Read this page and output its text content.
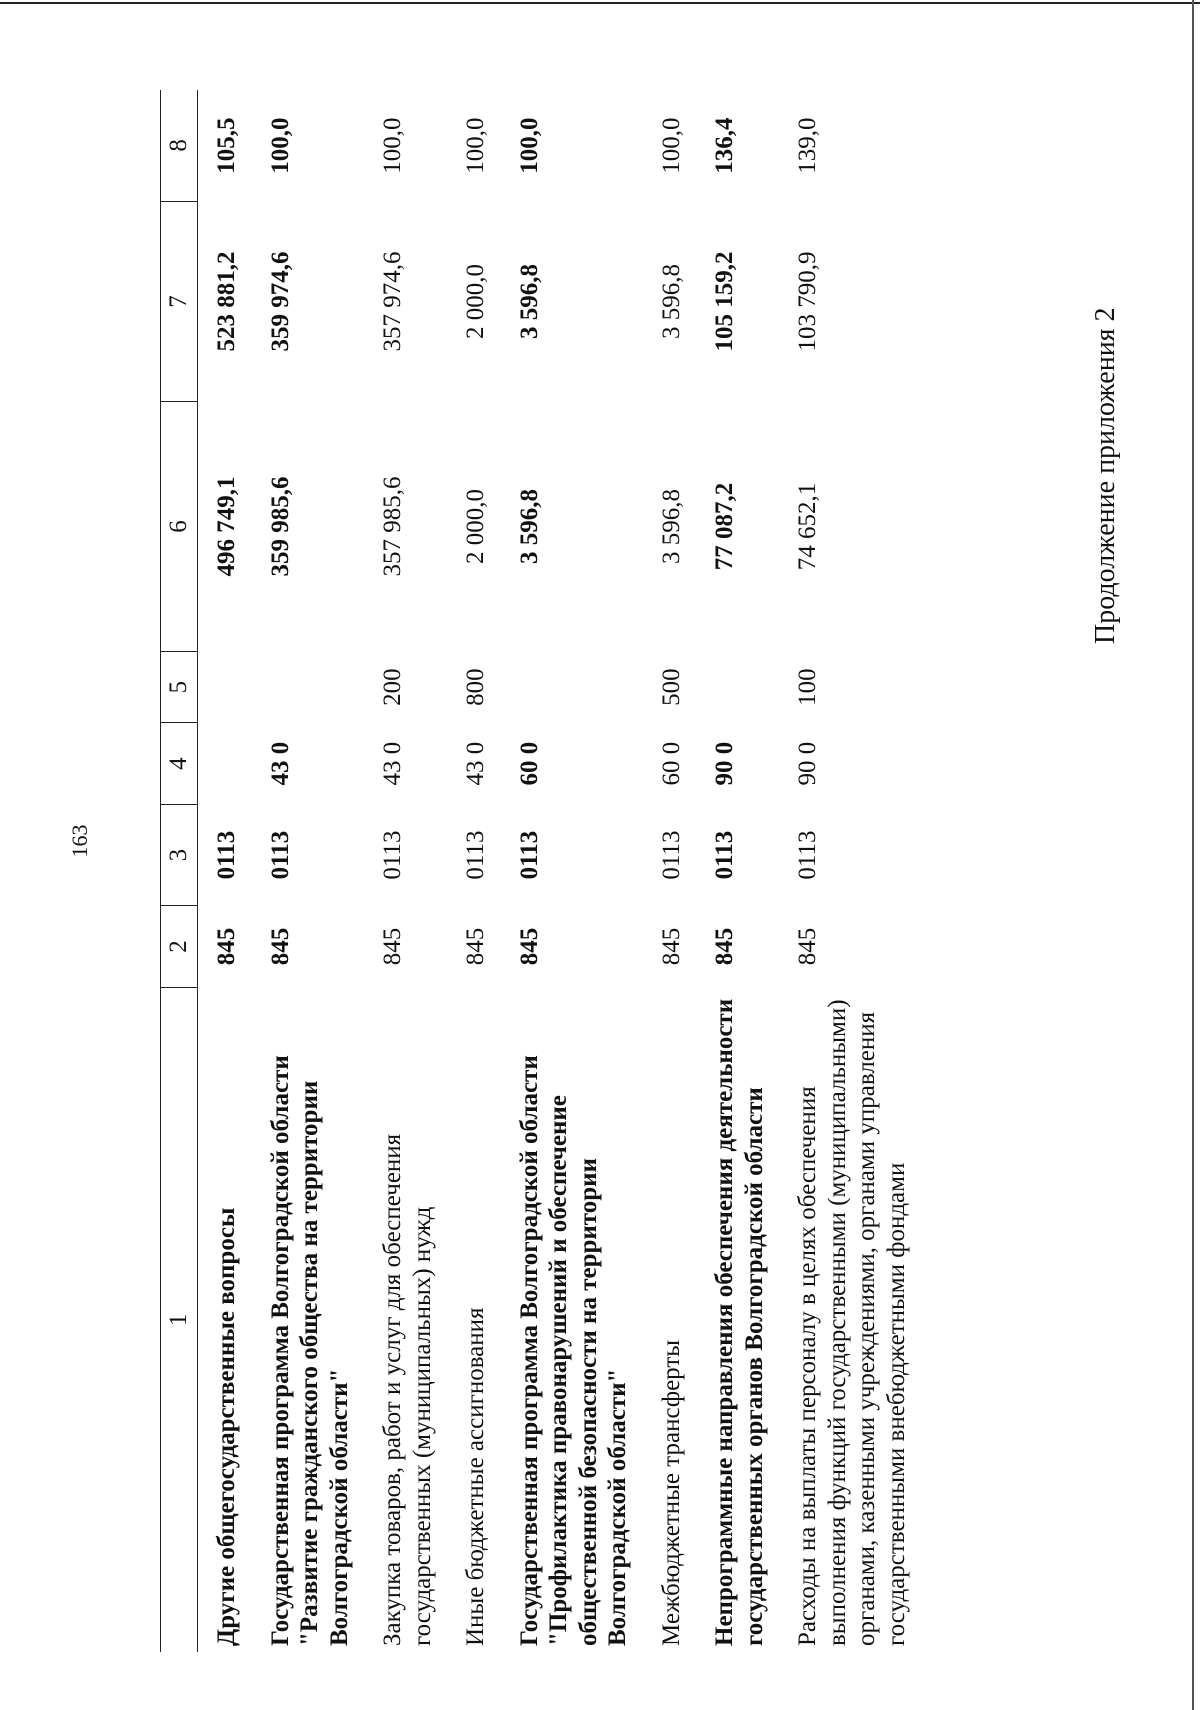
163
Продолжение приложения 2
1	2	3	4	5	6	7	8
Другие общегосударственные вопросы	845	0113			496 749,1	523 881,2	105,5
Государственная программа Волгоградской области "Развитие гражданского общества на территории Волгоградской области"	845	0113	43 0		359 985,6	359 974,6	100,0
Закупка товаров, работ и услуг для обеспечения государственных (муниципальных) нужд	845	0113	43 0	200	357 985,6	357 974,6	100,0
Иные бюджетные ассигнования	845	0113	43 0	800	2 000,0	2 000,0	100,0
Государственная программа Волгоградской области "Профилактика правонарушений и обеспечение общественной безопасности на территории Волгоградской области"	845	0113	60 0		3 596,8	3 596,8	100,0
Межбюджетные трансферты	845	0113	60 0	500	3 596,8	3 596,8	100,0
Непрограммные направления обеспечения деятельности государственных органов Волгоградской области	845	0113	90 0		77 087,2	105 159,2	136,4
Расходы на выплаты персоналу в целях обеспечения выполнения функций государственными (муниципальными) органами, казенными учреждениями, органами управления государственными внебюджетными фондами	845	0113	90 0	100	74 652,1	103 790,9	139,0
